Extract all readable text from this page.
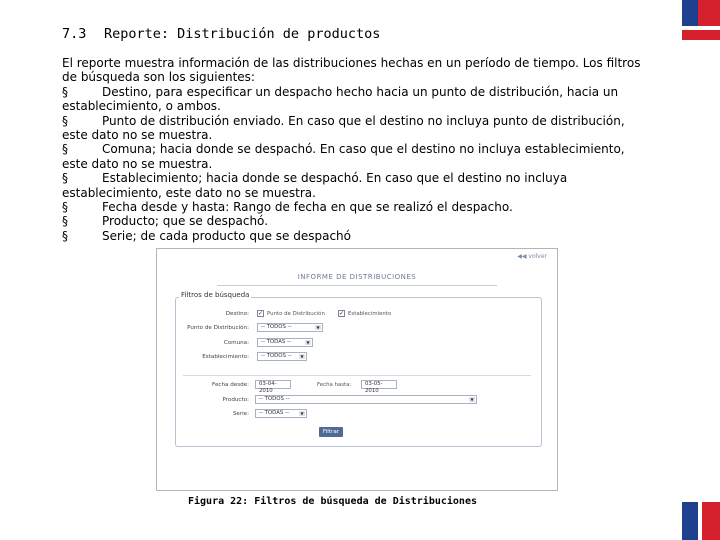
7.3 Reporte: Distribución de productos

El reporte muestra información de las distribuciones hechas en un período de tiempo. Los filtros

de búsqueda son los siguientes:

§	Destino, para especificar un despacho hecho hacia un punto de distribución, hacia un

establecimiento, o ambos.

§	Punto de distribución enviado. En caso que el destino no incluya punto de distribución,

este dato no se muestra.

§	Comuna; hacia donde se despachó. En caso que el destino no incluya establecimiento,

este dato no se muestra.

§	Establecimiento; hacia donde se despachó. En caso que el destino no incluya

establecimiento, este dato no se muestra.

§	Fecha desde y hasta: Rango de fecha en que se realizó el despacho.

§	Producto; que se despachó.

§	Serie; de cada producto que se despachó

◀◀ volver
INFORME DE DISTRIBUCIONES
Filtros de búsqueda
Destino: ✓ Punto de Distribución ✓ Establecimiento
Punto de Distribución:	-- TODOS --	▼
Comuna:	-- TODAS --	▼
Establecimiento:	-- TODOS --	▼
Fecha desde:	03-04-2010
Fecha hasta:	03-05-2010
Producto:	-- TODOS --	▼
Serie:	-- TODAS --	▼
Filtrar
Figura 22: Filtros de búsqueda de Distribuciones
